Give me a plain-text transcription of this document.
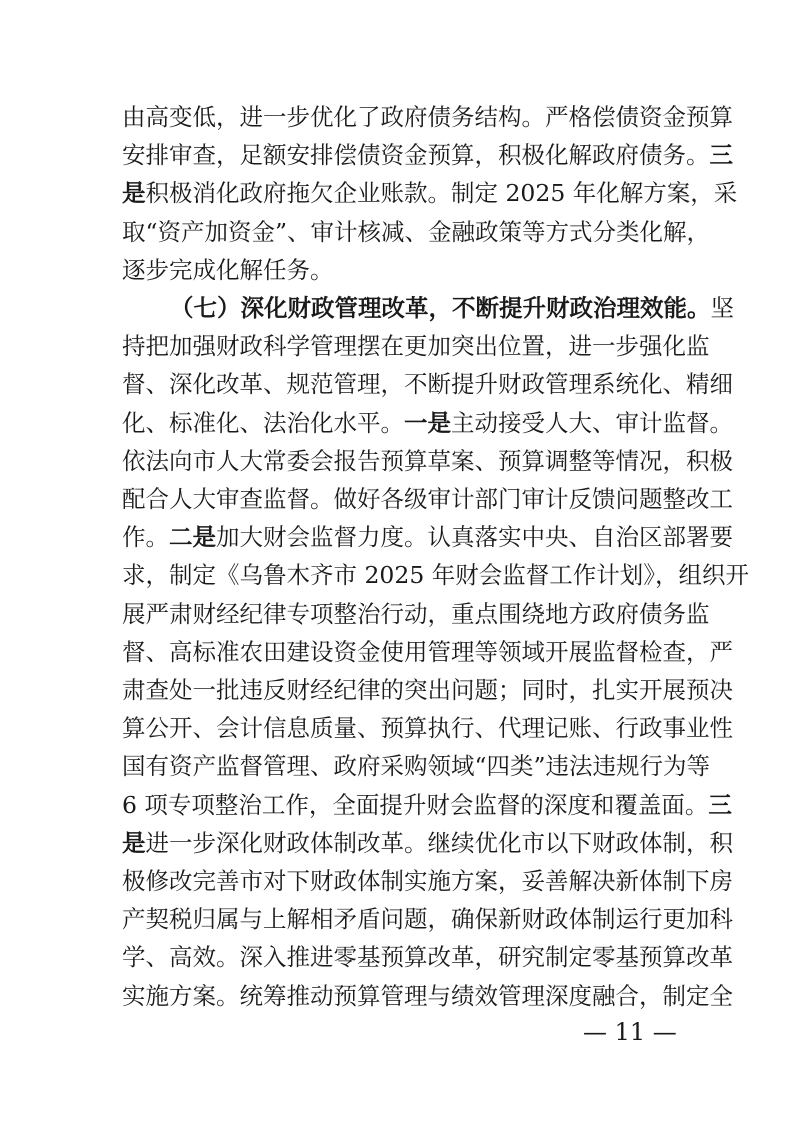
由高变低，进一步优化了政府债务结构。严格偿债资金预算
安排审查，足额安排偿债资金预算，积极化解政府债务。三
是积极消化政府拖欠企业账款。制定 2025 年化解方案，采
取“资产加资金”、审计核减、金融政策等方式分类化解，
逐步完成化解任务。
（七）深化财政管理改革，不断提升财政治理效能。坚
持把加强财政科学管理摆在更加突出位置，进一步强化监
督、深化改革、规范管理，不断提升财政管理系统化、精细
化、标准化、法治化水平。一是主动接受人大、审计监督。
依法向市人大常委会报告预算草案、预算调整等情况，积极
配合人大审查监督。做好各级审计部门审计反馈问题整改工
作。二是加大财会监督力度。认真落实中央、自治区部署要
求，制定《乌鲁木齐市 2025 年财会监督工作计划》，组织开
展严肃财经纪律专项整治行动，重点围绕地方政府债务监
督、高标准农田建设资金使用管理等领域开展监督检查，严
肃查处一批违反财经纪律的突出问题；同时，扎实开展预决
算公开、会计信息质量、预算执行、代理记账、行政事业性
国有资产监督管理、政府采购领域“四类”违法违规行为等
6 项专项整治工作，全面提升财会监督的深度和覆盖面。三
是进一步深化财政体制改革。继续优化市以下财政体制，积
极修改完善市对下财政体制实施方案，妥善解决新体制下房
产契税归属与上解相矛盾问题，确保新财政体制运行更加科
学、高效。深入推进零基预算改革，研究制定零基预算改革
实施方案。统筹推动预算管理与绩效管理深度融合，制定全
— 11 —
